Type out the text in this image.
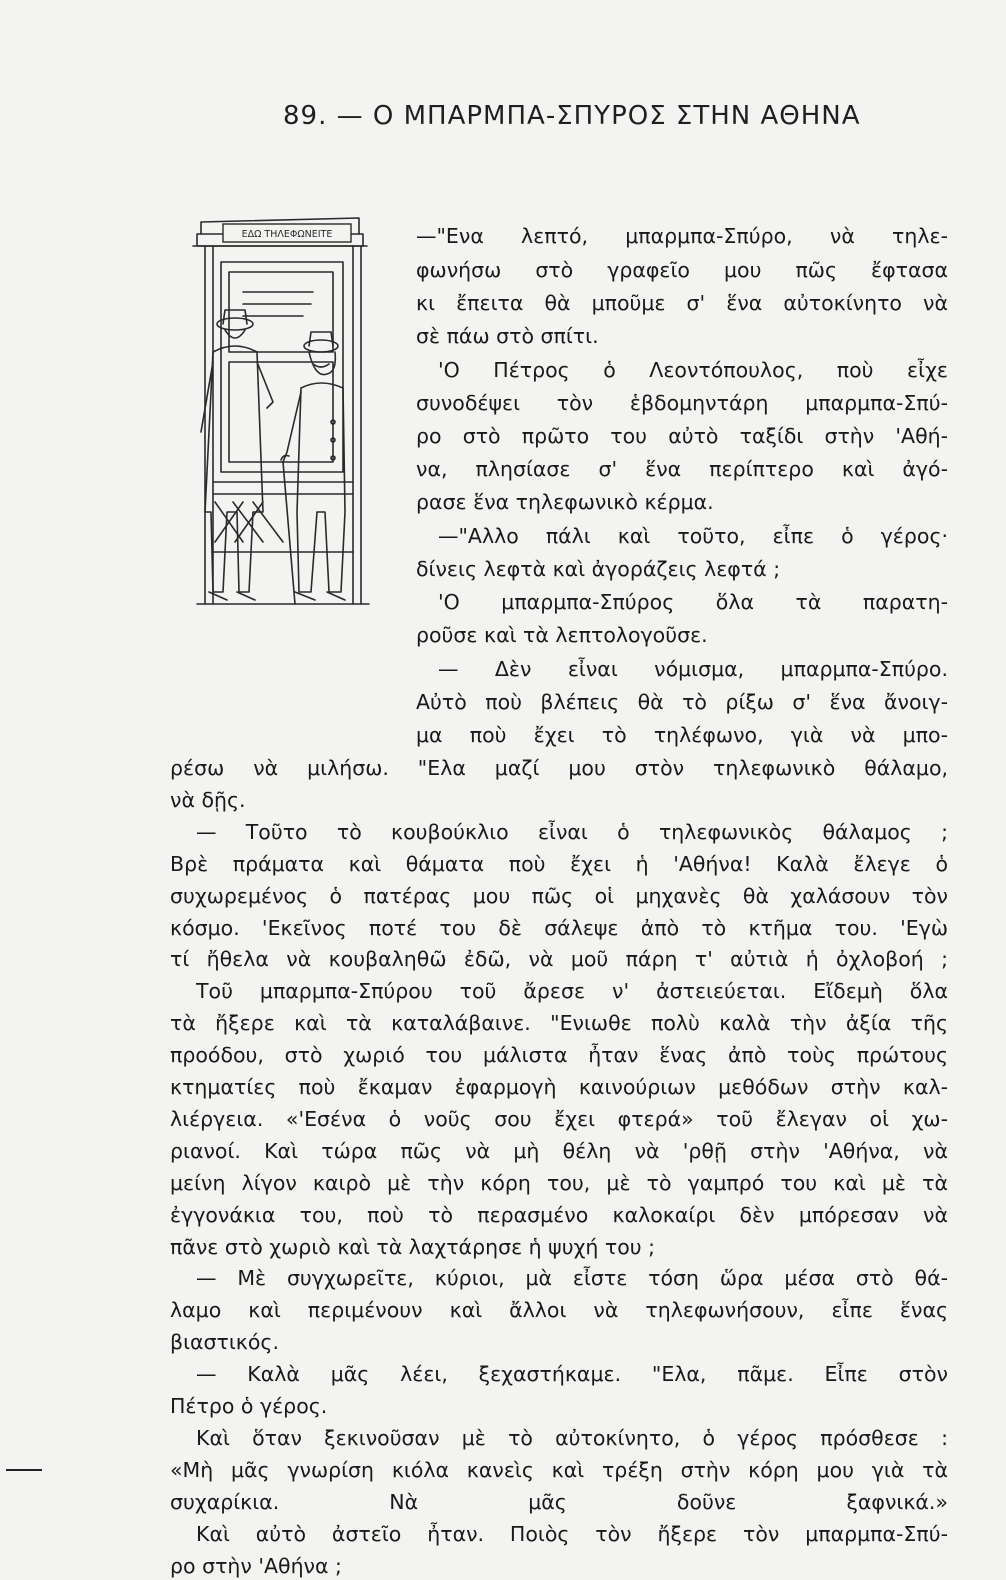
89. — Ο ΜΠΑΡΜΠΑ-ΣΠΥΡΟΣ ΣΤΗΝ ΑΘΗΝΑ
ΕΔΩ ΤΗΛΕΦΩΝΕΙΤΕ	—"Ενα λεπτό, μπαρμπα-Σπύρο, νὰ τηλε-
φωνήσω στὸ γραφεῖο μου πῶς ἔφτασα
κι ἔπειτα θὰ μποῦμε σ' ἕνα αὐτοκίνητο νὰ
σὲ πάω στὸ σπίτι.
'Ο Πέτρος ὁ Λεοντόπουλος, ποὺ εἶχε
συνοδέψει τὸν ἑβδομηντάρη μπαρμπα-Σπύ-
ρο στὸ πρῶτο του αὐτὸ ταξίδι στὴν 'Αθή-
να, πλησίασε σ' ἕνα περίπτερο καὶ ἀγό-
ρασε ἕνα τηλεφωνικὸ κέρμα.
—"Αλλο πάλι καὶ τοῦτο, εἶπε ὁ γέρος·
δίνεις λεφτὰ καὶ ἀγοράζεις λεφτά ;
'Ο μπαρμπα-Σπύρος ὅλα τὰ παρατη-
ροῦσε καὶ τὰ λεπτολογοῦσε.
— Δὲν εἶναι νόμισμα, μπαρμπα-Σπύρο.
Αὐτὸ ποὺ βλέπεις θὰ τὸ ρίξω σ' ἕνα ἄνοιγ-
μα ποὺ ἔχει τὸ τηλέφωνο, γιὰ νὰ μπο-
ρέσω νὰ μιλήσω. "Ελα μαζί μου στὸν τηλεφωνικὸ θάλαμο,
νὰ δῇς.
— Τοῦτο τὸ κουβούκλιο εἶναι ὁ τηλεφωνικὸς θάλαμος ;
Βρὲ πράματα καὶ θάματα ποὺ ἔχει ἡ 'Αθήνα! Καλὰ ἔλεγε ὁ
συχωρεμένος ὁ πατέρας μου πῶς οἱ μηχανὲς θὰ χαλάσουν τὸν
κόσμο. 'Εκεῖνος ποτέ του δὲ σάλεψε ἀπὸ τὸ κτῆμα του. 'Εγὼ
τί ἤθελα νὰ κουβαληθῶ ἐδῶ, νὰ μοῦ πάρη τ' αὐτιὰ ἡ ὀχλοβοή ;
Τοῦ μπαρμπα-Σπύρου τοῦ ἄρεσε ν' ἀστειεύεται. Εἴδεμὴ ὅλα
τὰ ἤξερε καὶ τὰ καταλάβαινε. "Ενιωθε πολὺ καλὰ τὴν ἀξία τῆς
προόδου, στὸ χωριό του μάλιστα ἦταν ἕνας ἀπὸ τοὺς πρώτους
κτηματίες ποὺ ἔκαμαν ἐφαρμογὴ καινούριων μεθόδων στὴν καλ-
λιέργεια. «'Εσένα ὁ νοῦς σου ἔχει φτερά» τοῦ ἔλεγαν οἱ χω-
ριανοί. Καὶ τώρα πῶς νὰ μὴ θέλη νὰ 'ρθῇ στὴν 'Αθήνα, νὰ
μείνη λίγον καιρὸ μὲ τὴν κόρη του, μὲ τὸ γαμπρό του καὶ μὲ τὰ
ἐγγονάκια του, ποὺ τὸ περασμένο καλοκαίρι δὲν μπόρεσαν νὰ
πᾶνε στὸ χωριὸ καὶ τὰ λαχτάρησε ἡ ψυχή του ;
— Μὲ συγχωρεῖτε, κύριοι, μὰ εἶστε τόση ὥρα μέσα στὸ θά-
λαμο καὶ περιμένουν καὶ ἄλλοι νὰ τηλεφωνήσουν, εἶπε ἕνας
βιαστικός.
— Καλὰ μᾶς λέει, ξεχαστήκαμε. "Ελα, πᾶμε. Εἶπε στὸν
Πέτρο ὁ γέρος.
Καὶ ὅταν ξεκινοῦσαν μὲ τὸ αὐτοκίνητο, ὁ γέρος πρόσθεσε :
«Μὴ μᾶς γνωρίση κιόλα κανεὶς καὶ τρέξη στὴν κόρη μου γιὰ τὰ
συχαρίκια. Νὰ μᾶς δοῦνε ξαφνικά.»
Καὶ αὐτὸ ἀστεῖο ἦταν. Ποιὸς τὸν ἤξερε τὸν μπαρμπα-Σπύ-
ρο στὴν 'Αθήνα ;
